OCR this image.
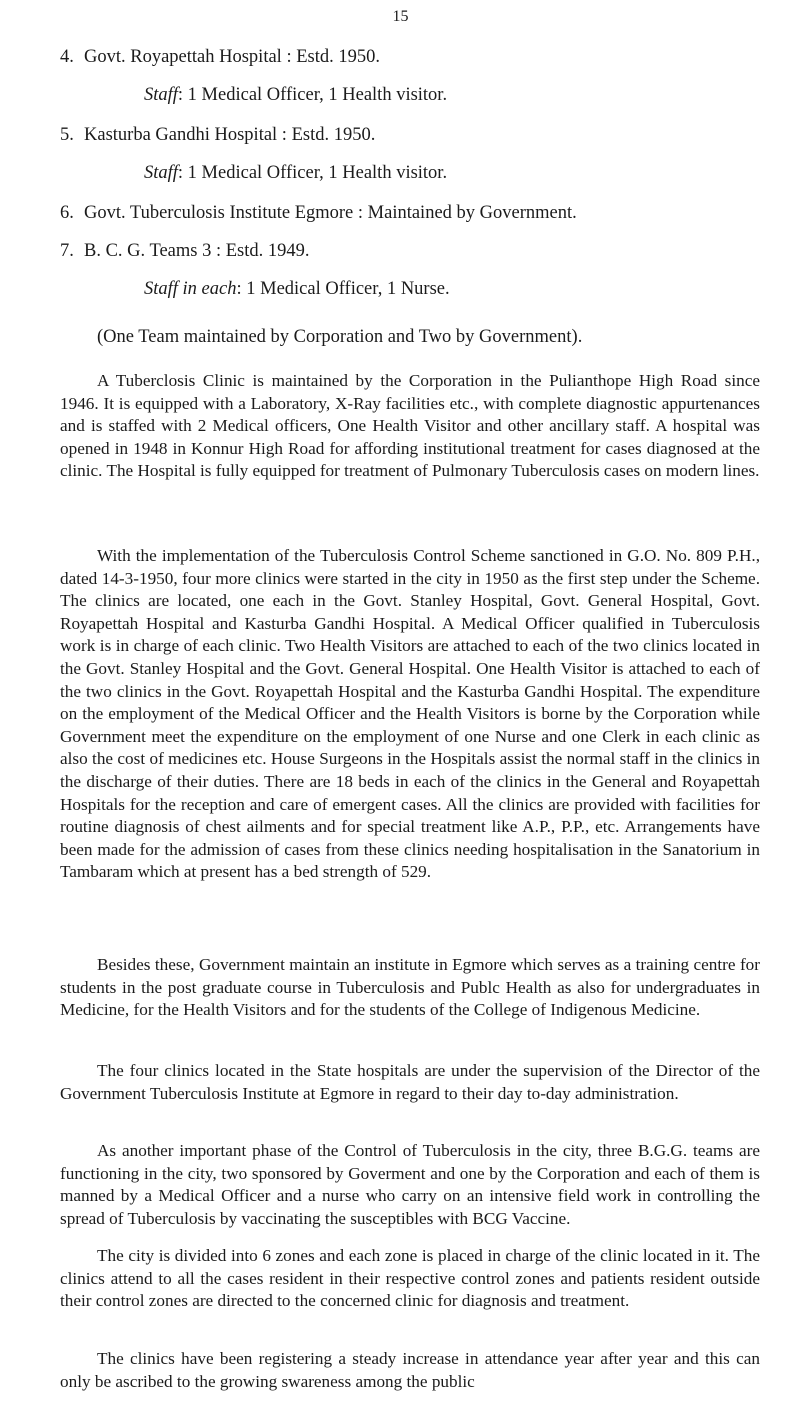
15
4. Govt. Royapettah Hospital : Estd. 1950.
Staff: 1 Medical Officer, 1 Health visitor.
5. Kasturba Gandhi Hospital : Estd. 1950.
Staff: 1 Medical Officer, 1 Health visitor.
6. Govt. Tuberculosis Institute Egmore : Maintained by Government.
7. B. C. G. Teams 3 : Estd. 1949.
Staff in each: 1 Medical Officer, 1 Nurse.
(One Team maintained by Corporation and Two by Government).

A Tuberclosis Clinic is maintained by the Corporation in the Pulianthope High Road since 1946. It is equipped with a Laboratory, X-Ray facilities etc., with complete diagnostic appurtenances and is staffed with 2 Medical officers, One Health Visitor and other ancillary staff. A hospital was opened in 1948 in Konnur High Road for affording institutional treatment for cases diagnosed at the clinic. The Hospital is fully equipped for treatment of Pulmonary Tuberculosis cases on modern lines.

With the implementation of the Tuberculosis Control Scheme sanctioned in G.O. No. 809 P.H., dated 14-3-1950, four more clinics were started in the city in 1950 as the first step under the Scheme. The clinics are located, one each in the Govt. Stanley Hospital, Govt. General Hospital, Govt. Royapettah Hospital and Kasturba Gandhi Hospital. A Medical Officer qualified in Tuberculosis work is in charge of each clinic. Two Health Visitors are attached to each of the two clinics located in the Govt. Stanley Hospital and the Govt. General Hospital. One Health Visitor is attached to each of the two clinics in the Govt. Royapettah Hospital and the Kasturba Gandhi Hospital. The expenditure on the employment of the Medical Officer and the Health Visitors is borne by the Corporation while Government meet the expenditure on the employment of one Nurse and one Clerk in each clinic as also the cost of medicines etc. House Surgeons in the Hospitals assist the normal staff in the clinics in the discharge of their duties. There are 18 beds in each of the clinics in the General and Royapettah Hospitals for the reception and care of emergent cases. All the clinics are provided with facilities for routine diagnosis of chest ailments and for special treatment like A.P., P.P., etc. Arrangements have been made for the admission of cases from these clinics needing hospitalisation in the Sanatorium in Tambaram which at present has a bed strength of 529.

Besides these, Government maintain an institute in Egmore which serves as a training centre for students in the post graduate course in Tuberculosis and Publc Health as also for undergraduates in Medicine, for the Health Visitors and for the students of the College of Indigenous Medicine.

The four clinics located in the State hospitals are under the supervision of the Director of the Government Tuberculosis Institute at Egmore in regard to their day to-day administration.

As another important phase of the Control of Tuberculosis in the city, three B.G.G. teams are functioning in the city, two sponsored by Goverment and one by the Corporation and each of them is manned by a Medical Officer and a nurse who carry on an intensive field work in controlling the spread of Tuberculosis by vaccinating the susceptibles with BCG Vaccine.

The city is divided into 6 zones and each zone is placed in charge of the clinic located in it. The clinics attend to all the cases resident in their respective control zones and patients resident outside their control zones are directed to the concerned clinic for diagnosis and treatment.

The clinics have been registering a steady increase in attendance year after year and this can only be ascribed to the growing swareness among the public
